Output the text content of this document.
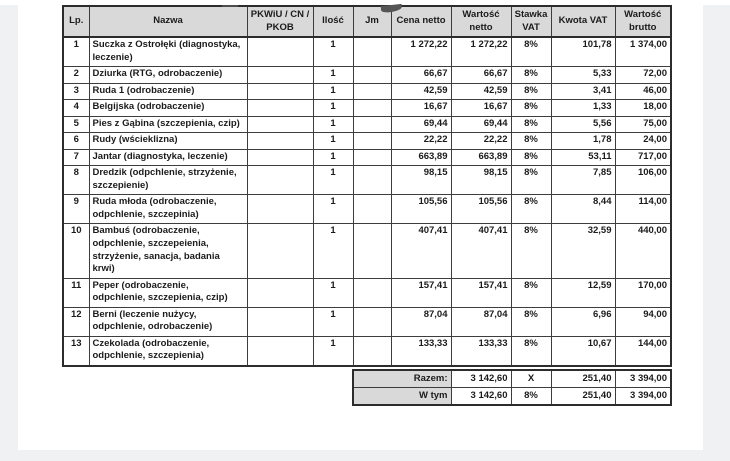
Lp.	Nazwa	PKWiU / CN / PKOB	Ilość	Jm	Cena netto	Wartość netto	Stawka VAT	Kwota VAT	Wartość brutto
1	Suczka z Ostrołęki (diagnostyka, leczenie)		1		1 272,22	1 272,22	8%	101,78	1 374,00
2	Dziurka (RTG, odrobaczenie)		1		66,67	66,67	8%	5,33	72,00
3	Ruda 1 (odrobaczenie)		1		42,59	42,59	8%	3,41	46,00
4	Belgijska (odrobaczenie)		1		16,67	16,67	8%	1,33	18,00
5	Pies z Gąbina (szczepienia, czip)		1		69,44	69,44	8%	5,56	75,00
6	Rudy (wścieklizna)		1		22,22	22,22	8%	1,78	24,00
7	Jantar (diagnostyka, leczenie)		1		663,89	663,89	8%	53,11	717,00
8	Dredzik (odpchlenie, strzyżenie, szczepienie)		1		98,15	98,15	8%	7,85	106,00
9	Ruda młoda (odrobaczenie, odpchlenie, szczepinia)		1		105,56	105,56	8%	8,44	114,00
10	Bambuś (odrobaczenie, odpchlenie, szczepeienia, strzyżenie, sanacja, badania krwi)		1		407,41	407,41	8%	32,59	440,00
11	Peper (odrobaczenie, odpchlenie, szczepienia, czip)		1		157,41	157,41	8%	12,59	170,00
12	Berni (leczenie nużycy, odpchlenie, odrobaczenie)		1		87,04	87,04	8%	6,96	94,00
13	Czekolada (odrobaczenie, odpchlenie, szczepienia)		1		133,33	133,33	8%	10,67	144,00
Razem:	3 142,60	X	251,40	3 394,00
W tym	3 142,60	8%	251,40	3 394,00
